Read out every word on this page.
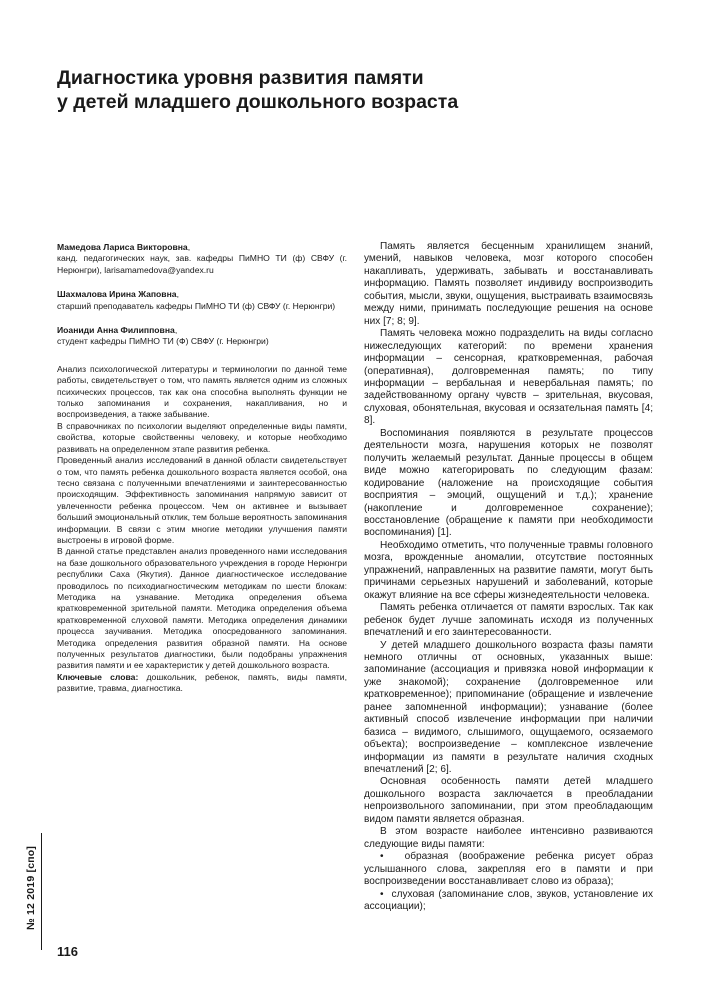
Диагностика уровня развития памяти
у детей младшего дошкольного возраста
Мамедова Лариса Викторовна,
канд. педагогических наук, зав. кафедры ПиМНО ТИ (ф) СВФУ (г. Нерюнгри), larisamamedova@yandex.ru
Шахмалова Ирина Жаповна,
старший преподаватель кафедры ПиМНО ТИ (ф) СВФУ (г. Нерюнгри)
Иоаниди Анна Филипповна,
студент кафедры ПиМНО ТИ (Ф) СВФУ (г. Нерюнгри)

Анализ психологической литературы и терминологии по данной теме работы, свидетельствует о том, что память является одним из сложных психических процессов, так как она способна выполнять функции не только запоминания и сохранения, накапливания, но и воспроизведения, а также забывание.

В справочниках по психологии выделяют определенные виды памяти, свойства, которые свойственны человеку, и которые необходимо развивать на определенном этапе развития ребенка.

Проведенный анализ исследований в данной области свидетельствует о том, что память ребенка дошкольного возраста является особой, она тесно связана с полученными впечатлениями и заинтересованностью происходящим. Эффективность запоминания напрямую зависит от увлеченности ребенка процессом. Чем он активнее и вызывает больший эмоциональный отклик, тем больше вероятность запоминания информации. В связи с этим многие методики улучшения памяти выстроены в игровой форме.

В данной статье представлен анализ проведенного нами исследования на базе дошкольного образовательного учреждения в городе Нерюнгри республики Саха (Якутия). Данное диагностическое исследование проводилось по психодиагностическим методикам по шести блокам: Методика на узнавание. Методика определения объема кратковременной зрительной памяти. Методика определения объема кратковременной слуховой памяти. Методика определения динамики процесса заучивания. Методика опосредованного запоминания. Методика определения развития образной памяти. На основе полученных результатов диагностики, были подобраны упражнения развития памяти и ее характеристик у детей дошкольного возраста.

Ключевые слова: дошкольник, ребенок, память, виды памяти, развитие, травма, диагностика.

Память является бесценным хранилищем знаний, умений, навыков человека, мозг которого способен накапливать, удерживать, забывать и восстанавливать информацию. Память позволяет индивиду воспроизводить события, мысли, звуки, ощущения, выстраивать взаимосвязь между ними, принимать последующие решения на основе них [7; 8; 9].

Память человека можно подразделить на виды согласно нижеследующих категорий: по времени хранения информации – сенсорная, кратковременная, рабочая (оперативная), долговременная память; по типу информации – вербальная и невербальная память; по задействованному органу чувств – зрительная, вкусовая, слуховая, обонятельная, вкусовая и осязательная память [4; 8].

Воспоминания появляются в результате процессов деятельности мозга, нарушения которых не позволят получить желаемый результат. Данные процессы в общем виде можно категорировать по следующим фазам: кодирование (наложение на происходящие события восприятия – эмоций, ощущений и т.д.); хранение (накопление и долговременное сохранение); восстановление (обращение к памяти при необходимости воспоминания) [1].

Необходимо отметить, что полученные травмы головного мозга, врожденные аномалии, отсутствие постоянных упражнений, направленных на развитие памяти, могут быть причинами серьезных нарушений и заболеваний, которые окажут влияние на все сферы жизнедеятельности человека.

Память ребенка отличается от памяти взрослых. Так как ребенок будет лучше запоминать исходя из полученных впечатлений и его заинтересованности.

У детей младшего дошкольного возраста фазы памяти немного отличны от основных, указанных выше: запоминание (ассоциация и привязка новой информации к уже знакомой); сохранение (долговременное или кратковременное); припоминание (обращение и извлечение ранее запомненной информации); узнавание (более активный способ извлечение информации при наличии базиса – видимого, слышимого, ощущаемого, осязаемого объекта); воспроизведение – комплексное извлечение информации из памяти в результате наличия сходных впечатлений [2; 6].

Основная особенность памяти детей младшего дошкольного возраста заключается в преобладании непроизвольного запоминании, при этом преобладающим видом памяти является образная.

В этом возрасте наиболее интенсивно развиваются следующие виды памяти:

• образная (воображение ребенка рисует образ услышанного слова, закрепляя его в памяти и при воспроизведении восстанавливает слово из образа);

• слуховая (запоминание слов, звуков, установление их ассоциации);

№ 12 2019 [спо]
116
